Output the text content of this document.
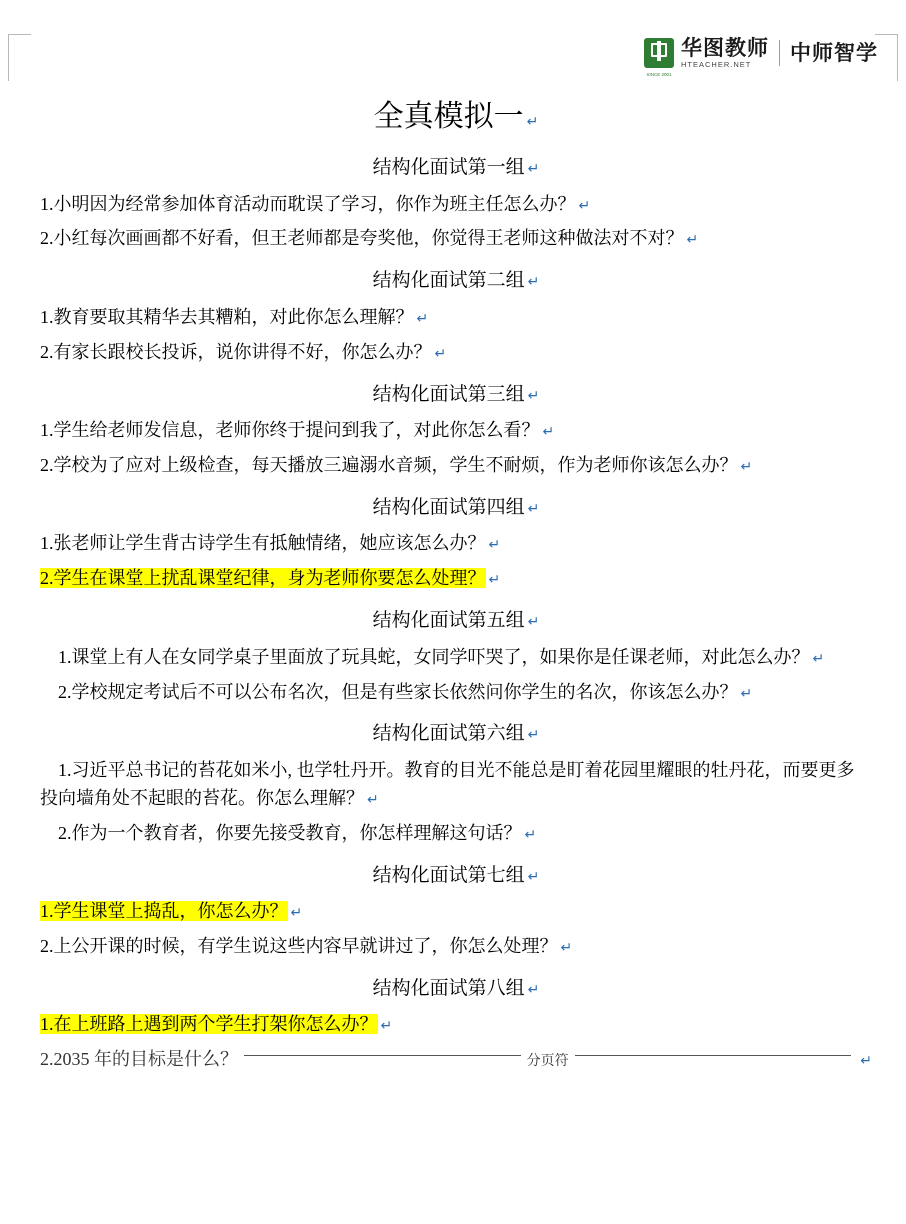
SINCE 2001
华图教师
HTEACHER.NET	中师智学
全真模拟一 ↵
结构化面试第一组 ↵

1.小明因为经常参加体育活动而耽误了学习，你作为班主任怎么办？ ↵

2.小红每次画画都不好看，但王老师都是夸奖他，你觉得王老师这种做法对不对？ ↵

结构化面试第二组 ↵

1.教育要取其精华去其糟粕，对此你怎么理解？ ↵

2.有家长跟校长投诉，说你讲得不好，你怎么办？ ↵

结构化面试第三组 ↵

1.学生给老师发信息，老师你终于提问到我了，对此你怎么看？ ↵

2.学校为了应对上级检查，每天播放三遍溺水音频，学生不耐烦，作为老师你该怎么办？ ↵

结构化面试第四组 ↵

1.张老师让学生背古诗学生有抵触情绪，她应该怎么办？ ↵

2.学生在课堂上扰乱课堂纪律，身为老师你要怎么处理？ ↵

结构化面试第五组 ↵

1.课堂上有人在女同学桌子里面放了玩具蛇，女同学吓哭了，如果你是任课老师，对此怎么办？ ↵

2.学校规定考试后不可以公布名次，但是有些家长依然问你学生的名次，你该怎么办？ ↵

结构化面试第六组 ↵

1.习近平总书记的苔花如米小, 也学牡丹开。教育的目光不能总是盯着花园里耀眼的牡丹花，而要更多投向墙角处不起眼的苔花。你怎么理解？ ↵

2.作为一个教育者，你要先接受教育，你怎样理解这句话？ ↵

结构化面试第七组 ↵

1.学生课堂上捣乱，你怎么办？ ↵

2.上公开课的时候，有学生说这些内容早就讲过了，你怎么处理？ ↵

结构化面试第八组 ↵

1.在上班路上遇到两个学生打架你怎么办？ ↵

2.2035 年的目标是什么？	分页符	↵
